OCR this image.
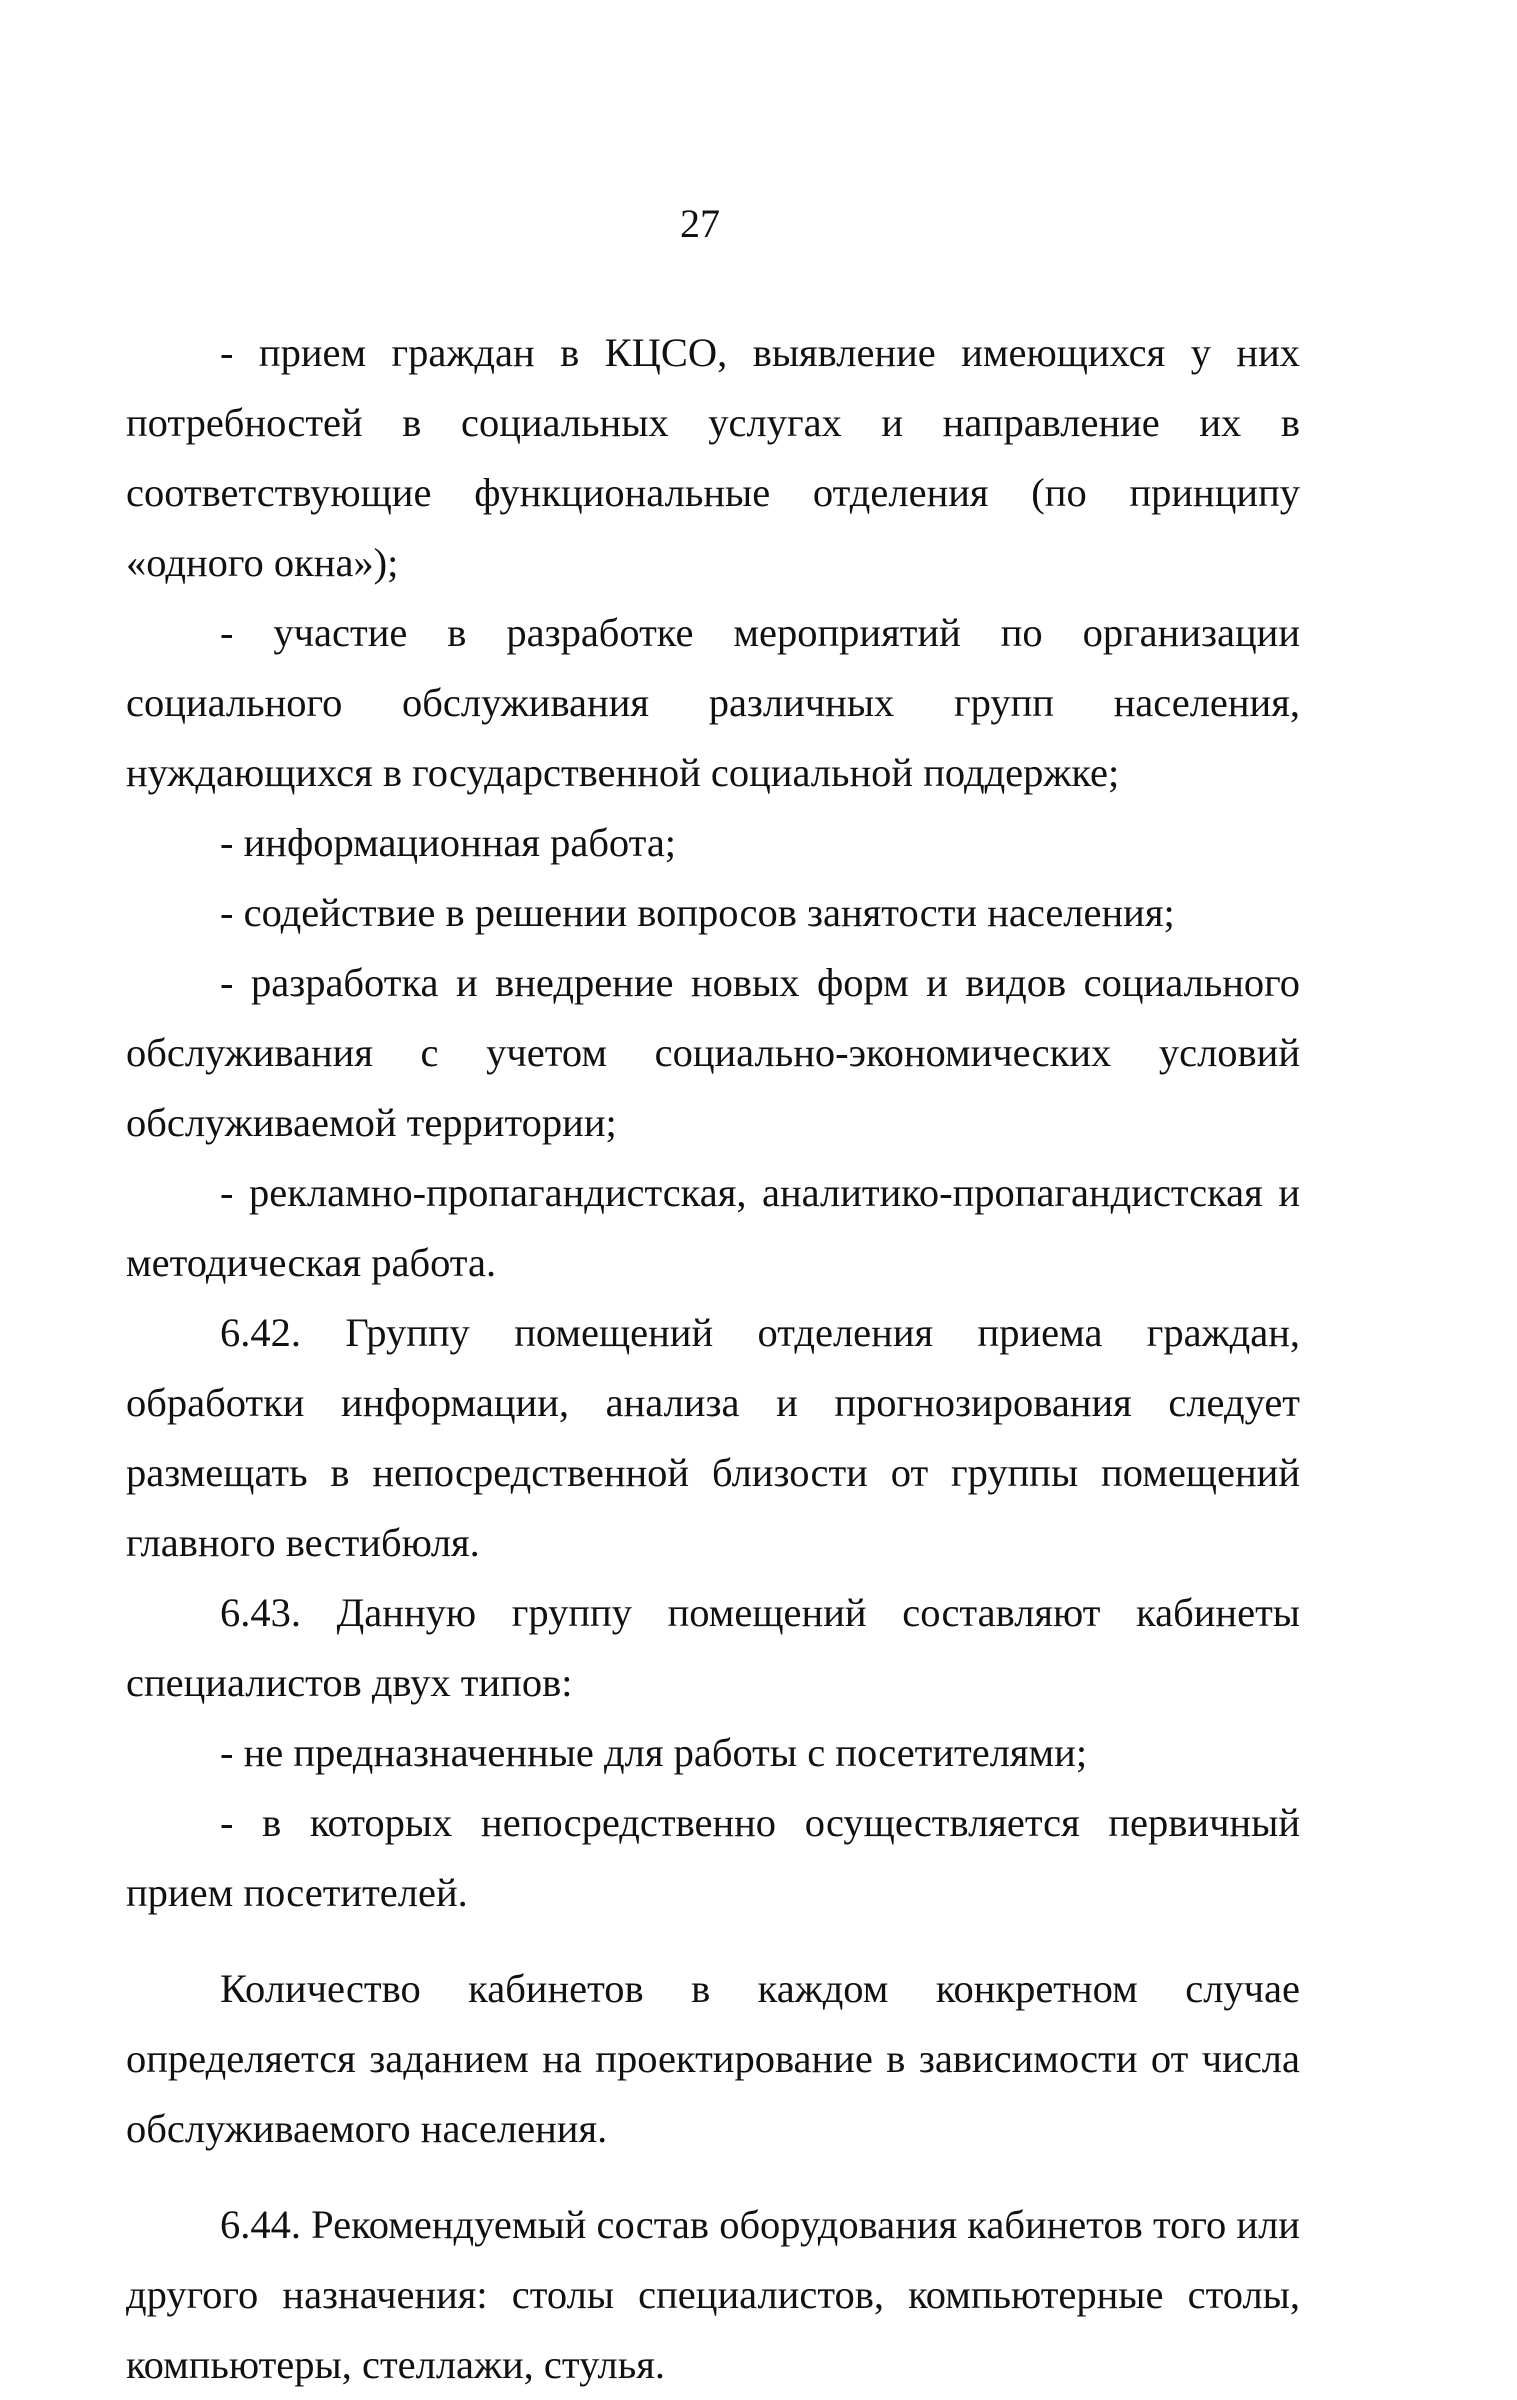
27

- прием граждан в КЦСО, выявление имеющихся у них потребностей в социальных услугах и направление их в соответствующие функциональные отделения (по принципу «одного окна»);

- участие в разработке мероприятий по организации социального обслуживания различных групп населения, нуждающихся в государственной социальной поддержке;

- информационная работа;

- содействие в решении вопросов занятости населения;

- разработка и внедрение новых форм и видов социального обслуживания с учетом социально-экономических условий обслуживаемой территории;

- рекламно-пропагандистская, аналитико-пропагандистская и методическая работа.

6.42. Группу помещений отделения приема граждан, обработки информации, анализа и прогнозирования следует размещать в непосредственной близости от группы помещений главного вестибюля.

6.43. Данную группу помещений составляют кабинеты специалистов двух типов:

- не предназначенные для работы с посетителями;

- в которых непосредственно осуществляется первичный прием посетителей.

Количество кабинетов в каждом конкретном случае определяется заданием на проектирование в зависимости от числа обслуживаемого населения.

6.44. Рекомендуемый состав оборудования кабинетов того или другого назначения: столы специалистов, компьютерные столы, компьютеры, стеллажи, стулья.
